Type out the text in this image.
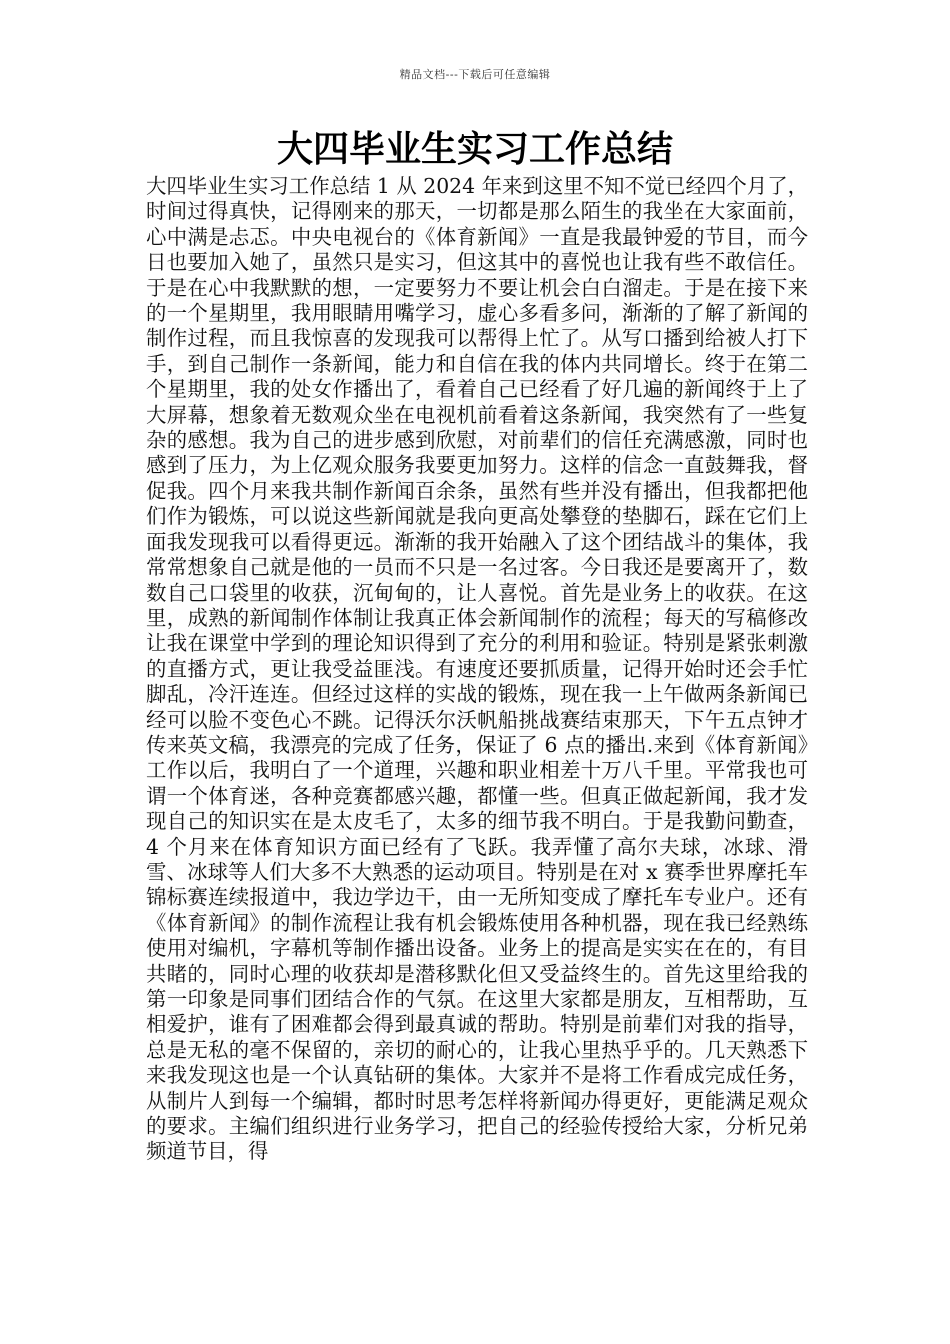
精品文档---下载后可任意编辑
大四毕业生实习工作总结

大四毕业生实习工作总结 1 从 2024 年来到这里不知不觉已经四个月了，时间过得真快，记得刚来的那天，一切都是那么陌生的我坐在大家面前，心中满是忐忑。中央电视台的《体育新闻》一直是我最钟爱的节目，而今日也要加入她了，虽然只是实习，但这其中的喜悦也让我有些不敢信任。于是在心中我默默的想，一定要努力不要让机会白白溜走。于是在接下来的一个星期里，我用眼睛用嘴学习，虚心多看多问，渐渐的了解了新闻的制作过程，而且我惊喜的发现我可以帮得上忙了。从写口播到给被人打下手，到自己制作一条新闻，能力和自信在我的体内共同增长。终于在第二个星期里，我的处女作播出了，看着自己已经看了好几遍的新闻终于上了大屏幕，想象着无数观众坐在电视机前看着这条新闻，我突然有了一些复杂的感想。我为自己的进步感到欣慰，对前辈们的信任充满感激，同时也感到了压力，为上亿观众服务我要更加努力。这样的信念一直鼓舞我，督促我。四个月来我共制作新闻百余条，虽然有些并没有播出，但我都把他们作为锻炼，可以说这些新闻就是我向更高处攀登的垫脚石，踩在它们上面我发现我可以看得更远。渐渐的我开始融入了这个团结战斗的集体，我常常想象自己就是他的一员而不只是一名过客。今日我还是要离开了，数数自己口袋里的收获，沉甸甸的，让人喜悦。首先是业务上的收获。在这里，成熟的新闻制作体制让我真正体会新闻制作的流程；每天的写稿修改让我在课堂中学到的理论知识得到了充分的利用和验证。特别是紧张刺激的直播方式，更让我受益匪浅。有速度还要抓质量，记得开始时还会手忙脚乱，冷汗连连。但经过这样的实战的锻炼，现在我一上午做两条新闻已经可以脸不变色心不跳。记得沃尔沃帆船挑战赛结束那天，下午五点钟才传来英文稿，我漂亮的完成了任务，保证了 6 点的播出.来到《体育新闻》工作以后，我明白了一个道理，兴趣和职业相差十万八千里。平常我也可谓一个体育迷，各种竞赛都感兴趣，都懂一些。但真正做起新闻，我才发现自己的知识实在是太皮毛了，太多的细节我不明白。于是我勤问勤查， 4 个月来在体育知识方面已经有了飞跃。我弄懂了高尔夫球，冰球、滑雪、冰球等人们大多不大熟悉的运动项目。特别是在对 x 赛季世界摩托车锦标赛连续报道中，我边学边干，由一无所知变成了摩托车专业户。还有《体育新闻》的制作流程让我有机会锻炼使用各种机器，现在我已经熟练使用对编机，字幕机等制作播出设备。业务上的提高是实实在在的，有目共睹的，同时心理的收获却是潜移默化但又受益终生的。首先这里给我的第一印象是同事们团结合作的气氛。在这里大家都是朋友，互相帮助，互相爱护，谁有了困难都会得到最真诚的帮助。特别是前辈们对我的指导，总是无私的毫不保留的，亲切的耐心的，让我心里热乎乎的。几天熟悉下来我发现这也是一个认真钻研的集体。大家并不是将工作看成完成任务，从制片人到每一个编辑，都时时思考怎样将新闻办得更好，更能满足观众的要求。主编们组织进行业务学习，把自己的经验传授给大家，分析兄弟频道节目，得
